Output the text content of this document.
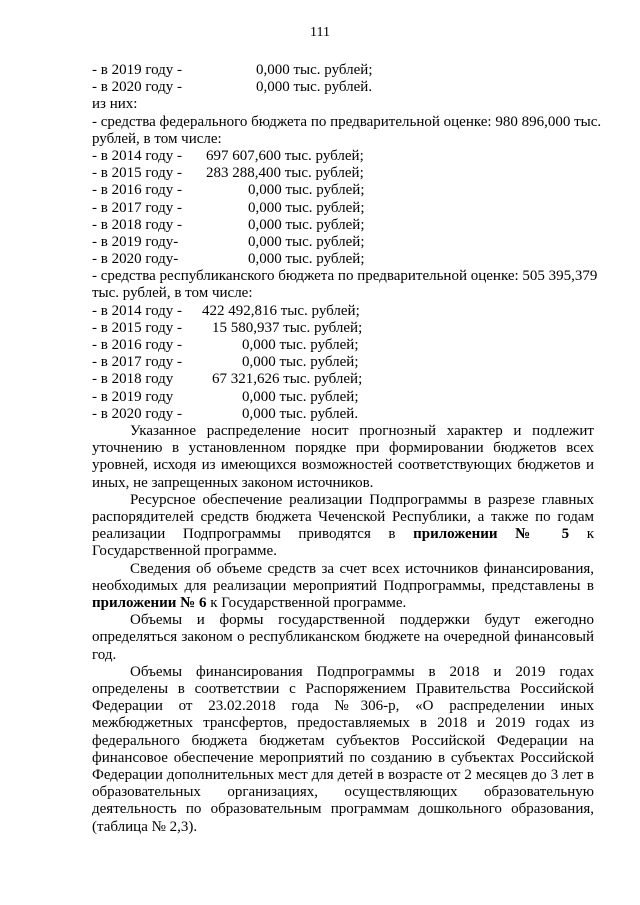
111
- в 2019 году -	0,000 тыс. рублей;
- в 2020 году -	0,000 тыс. рублей.
из них:
- средства федерального бюджета по предварительной оценке: 980 896,000 тыс.
рублей, в том числе:
- в 2014 году - 697 607,600 тыс. рублей;
- в 2015 году - 283 288,400 тыс. рублей;
- в 2016 году -	0,000 тыс. рублей;
- в 2017 году -	0,000 тыс. рублей;
- в 2018 году -	0,000 тыс. рублей;
- в 2019 году-	0,000 тыс. рублей;
- в 2020 году-	0,000 тыс. рублей;
- средства республиканского бюджета по предварительной оценке: 505 395,379
тыс. рублей, в том числе:
- в 2014 году - 422 492,816 тыс. рублей;
- в 2015 году - 15 580,937 тыс. рублей;
- в 2016 году -	0,000 тыс. рублей;
- в 2017 году -	0,000 тыс. рублей;
- в 2018 году	67 321,626 тыс. рублей;
- в 2019 году	0,000 тыс. рублей;
- в 2020 году -	0,000 тыс. рублей.

Указанное распределение носит прогнозный характер и подлежит уточнению в установленном порядке при формировании бюджетов всех уровней, исходя из имеющихся возможностей соответствующих бюджетов и иных, не запрещенных законом источников.

Ресурсное обеспечение реализации Подпрограммы в разрезе главных распорядителей средств бюджета Чеченской Республики, а также по годам реализации Подпрограммы приводятся в приложении № 5 к Государственной программе.

Сведения об объеме средств за счет всех источников финансирования, необходимых для реализации мероприятий Подпрограммы, представлены в приложении № 6 к Государственной программе.

Объемы и формы государственной поддержки будут ежегодно определяться законом о республиканском бюджете на очередной финансовый год.

Объемы финансирования Подпрограммы в 2018 и 2019 годах определены в соответствии с Распоряжением Правительства Российской Федерации от 23.02.2018 года №306-р, «О распределении иных межбюджетных трансфертов, предоставляемых в 2018 и 2019 годах из федерального бюджета бюджетам субъектов Российской Федерации на финансовое обеспечение мероприятий по созданию в субъектах Российской Федерации дополнительных мест для детей в возрасте от 2 месяцев до 3 лет в образовательных организациях, осуществляющих образовательную деятельность по образовательным программам дошкольного образования, (таблица № 2,3).
